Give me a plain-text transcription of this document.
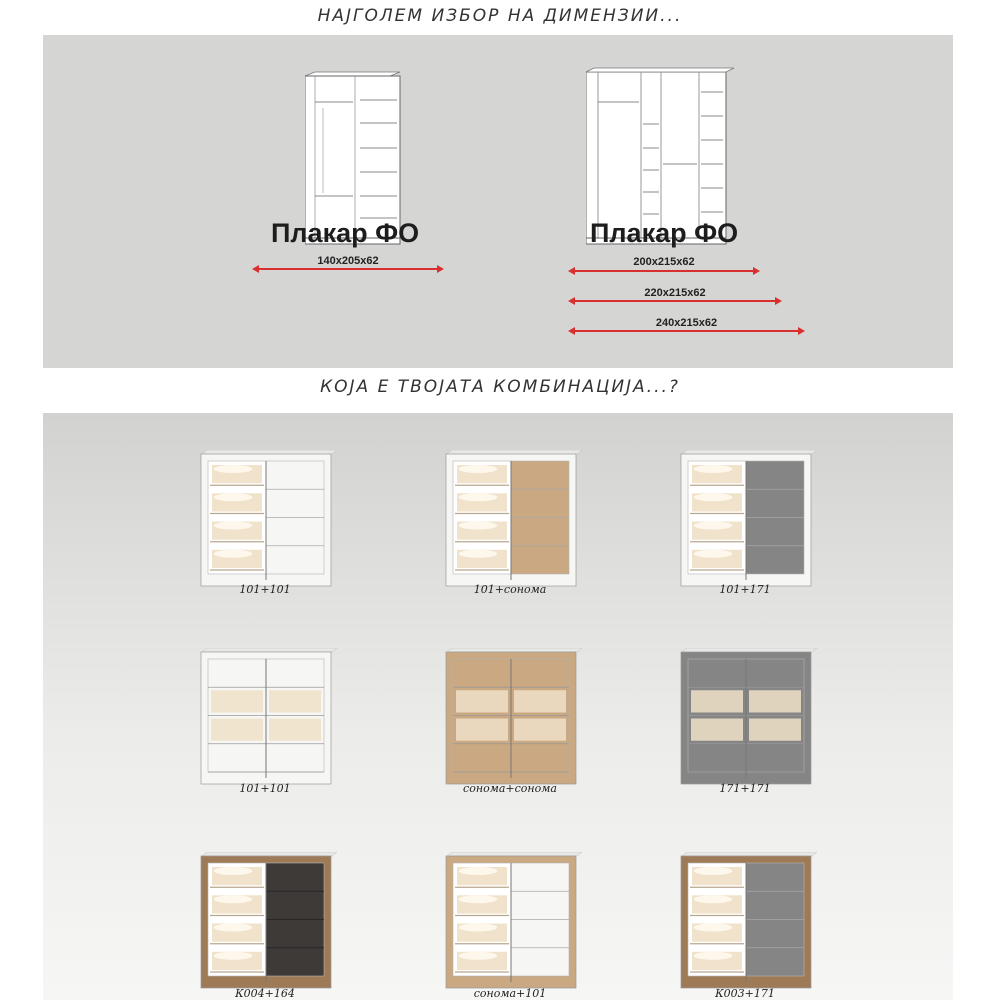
НАЈГОЛЕМ ИЗБОР НА ДИМЕНЗИИ...
Плакар ФО
140x205x62
Плакар ФО
200x215x62
220x215x62
240x215x62
КОЈА Е ТВОЈАТА КОМБИНАЦИЈА...?
101+101	101+сонома	101+171
101+101	сонома+сонома	171+171
К004+164	сонома+101	К003+171
